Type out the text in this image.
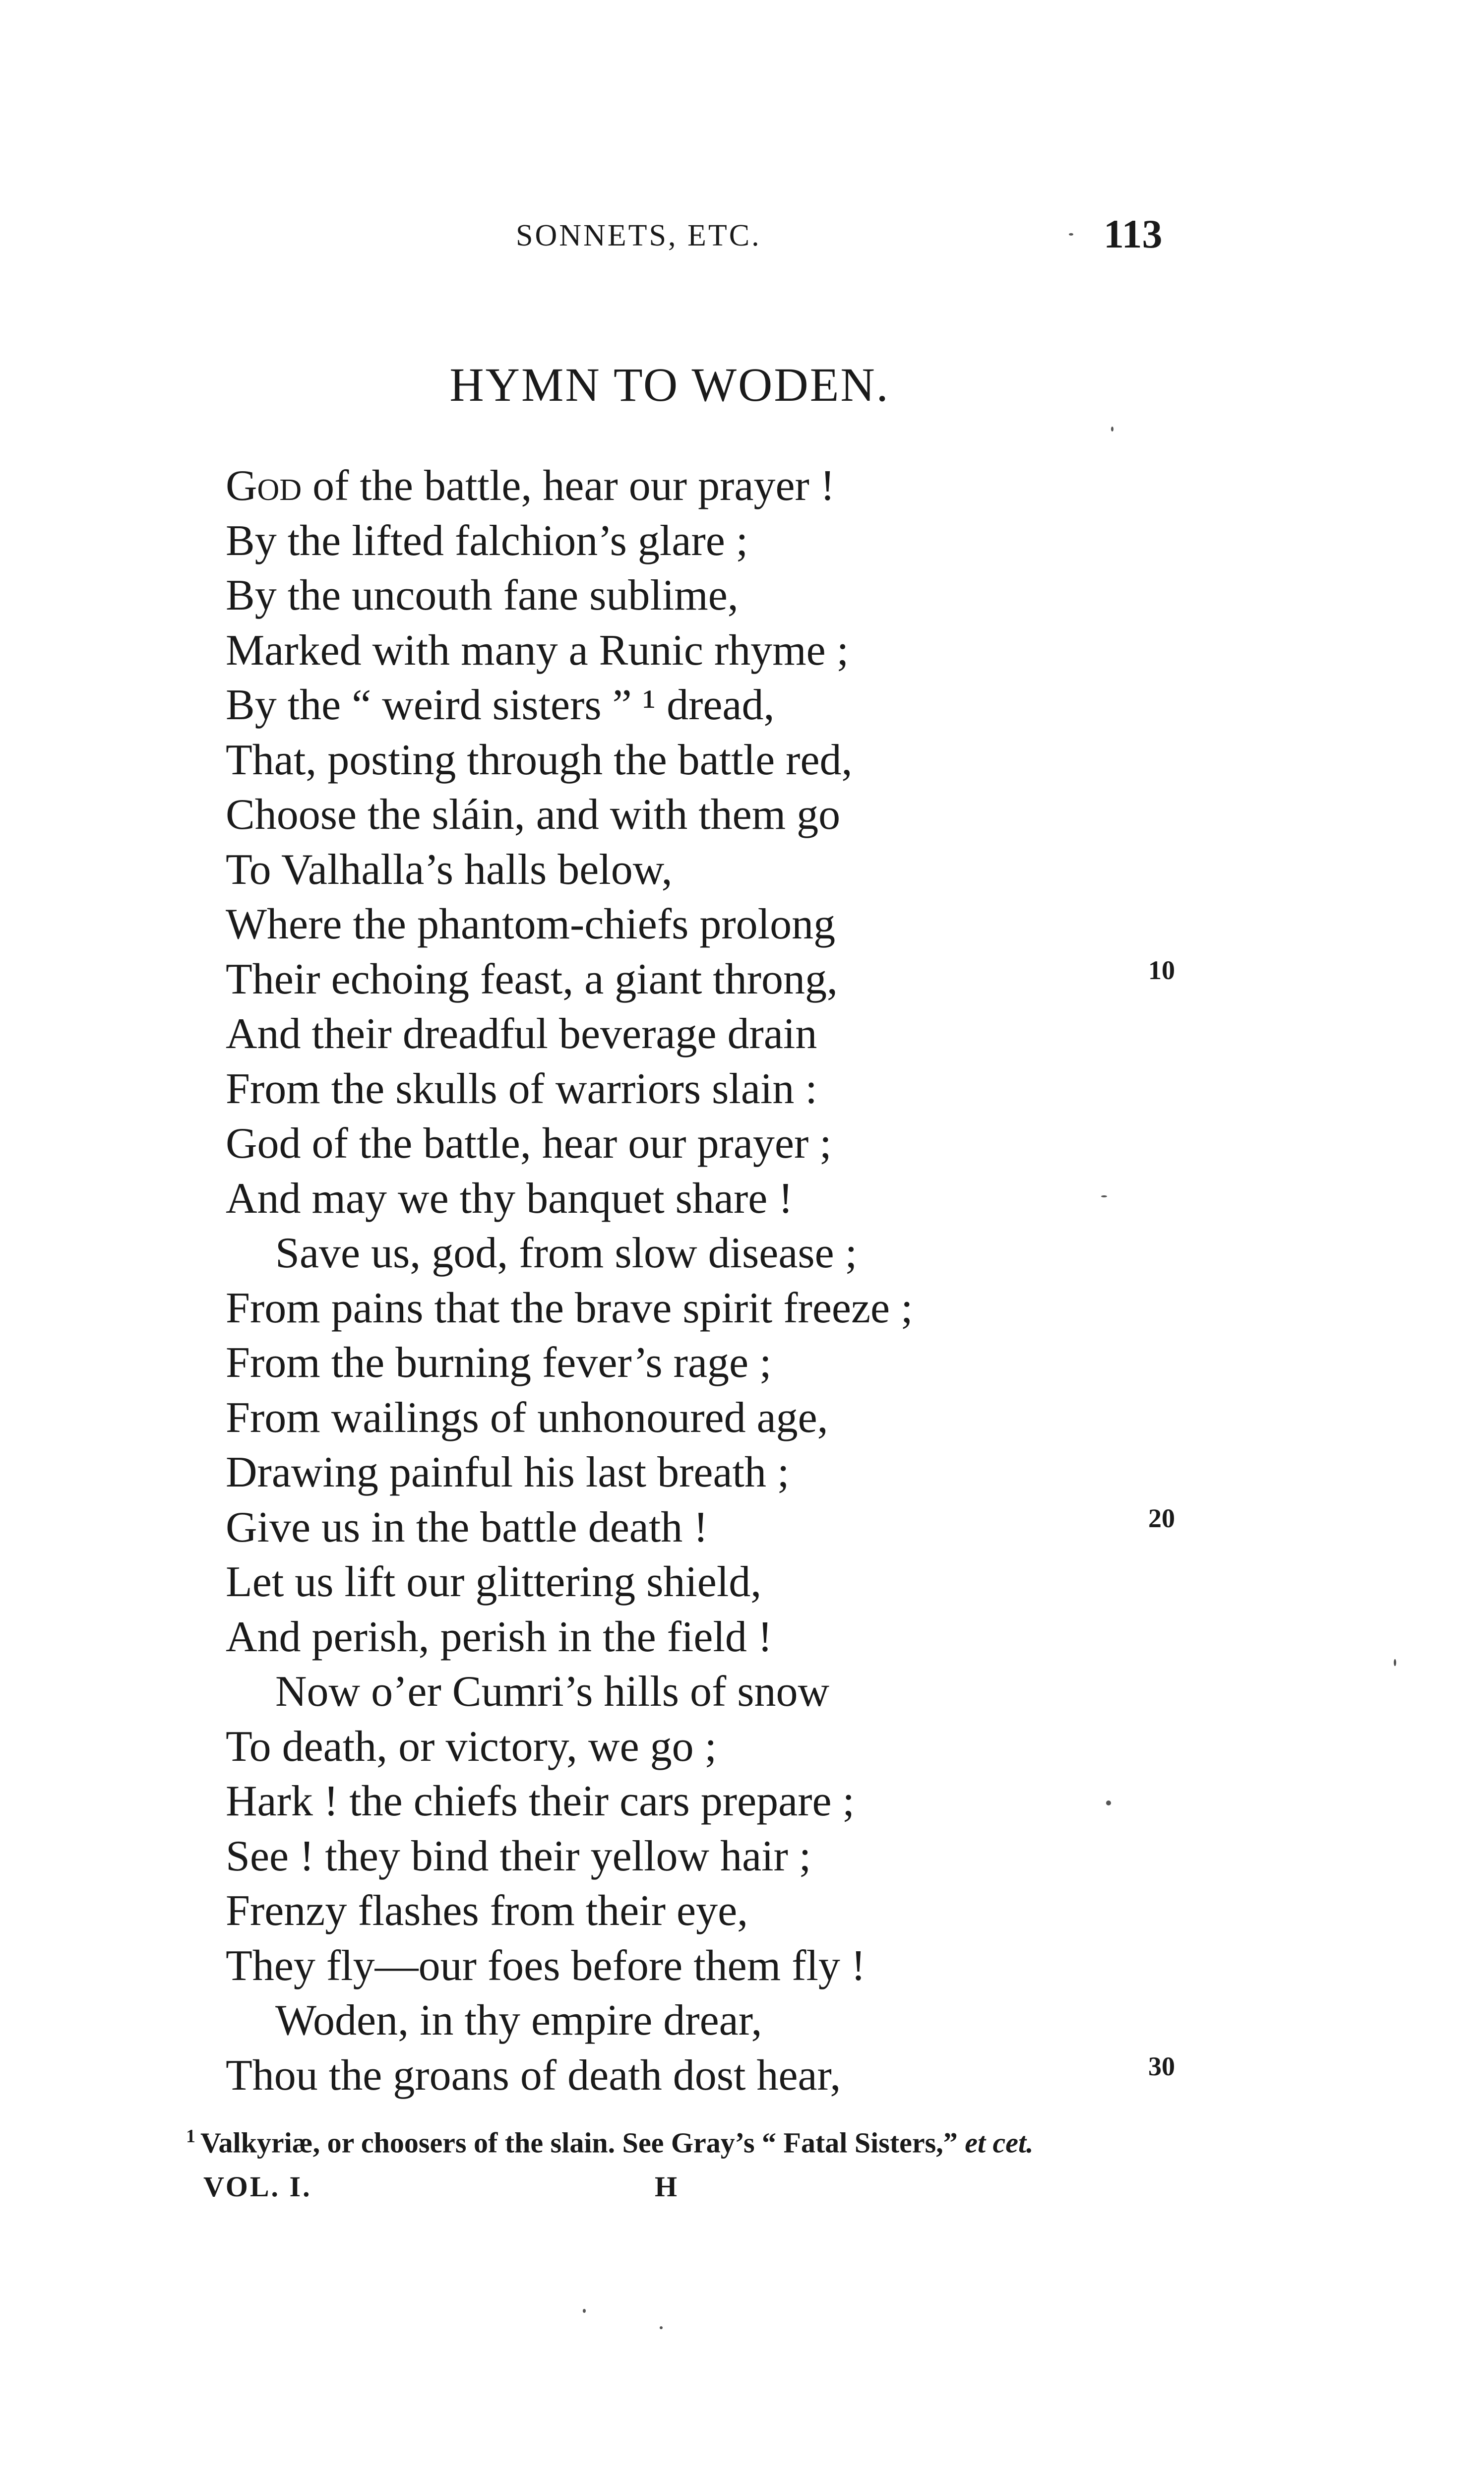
SONNETS, ETC.	113
HYMN TO WODEN.
God of the battle, hear our prayer !
By the lifted falchion’s glare ;
By the uncouth fane sublime,
Marked with many a Runic rhyme ;
By the “ weird sisters ” ¹ dread,
That, posting through the battle red,
Choose the sláin, and with them go
To Valhalla’s halls below,
Where the phantom-chiefs prolong
Their echoing feast, a giant throng,
And their dreadful beverage drain
From the skulls of warriors slain :
God of the battle, hear our prayer ;
And may we thy banquet share !
Save us, god, from slow disease ;
From pains that the brave spirit freeze ;
From the burning fever’s rage ;
From wailings of unhonoured age,
Drawing painful his last breath ;
Give us in the battle death !
Let us lift our glittering shield,
And perish, perish in the field !
Now o’er Cumri’s hills of snow
To death, or victory, we go ;
Hark ! the chiefs their cars prepare ;
See ! they bind their yellow hair ;
Frenzy flashes from their eye,
They fly—our foes before them fly !
Woden, in thy empire drear,
Thou the groans of death dost hear,
10
20
30
$^1$ Valkyriæ, or choosers of the slain. See Gray’s “ Fatal Sisters,” et cet.
VOL. I.	H
